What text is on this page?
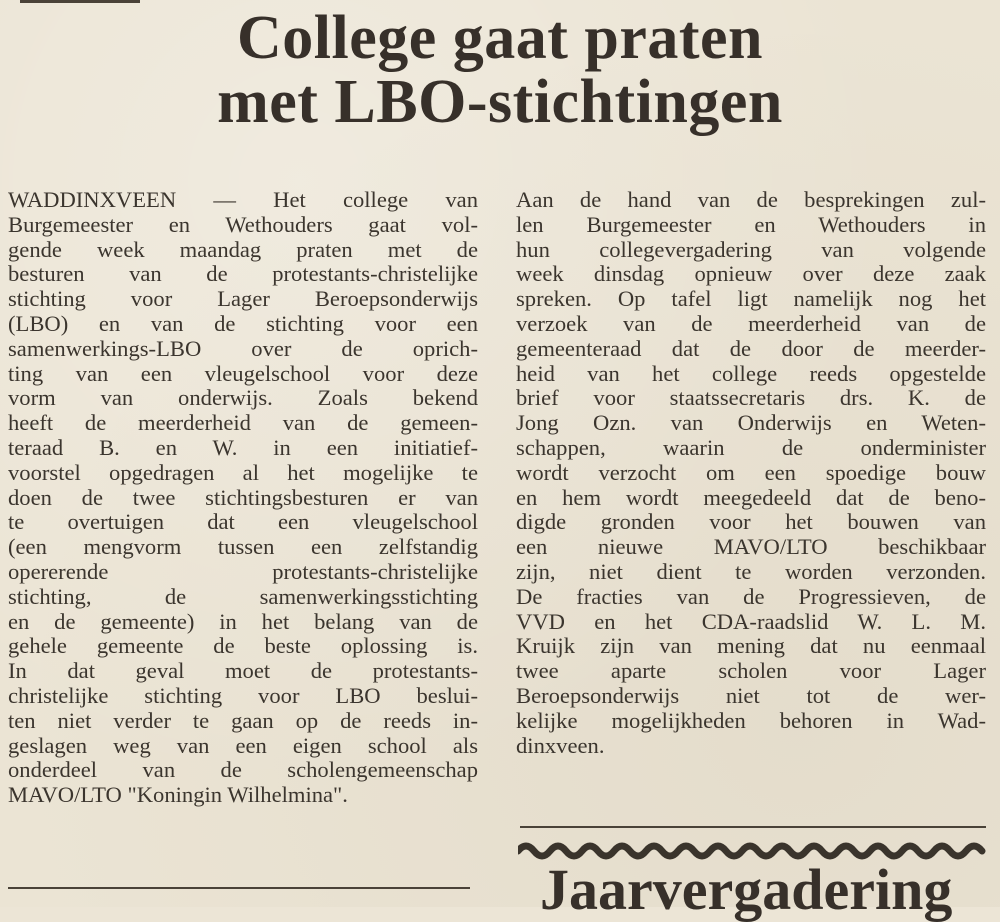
College gaat praten
met LBO-stichtingen
WADDINXVEEN — Het college van
Burgemeester en Wethouders gaat vol-
gende week maandag praten met de
besturen van de protestants-christelijke
stichting voor Lager Beroepsonderwijs
(LBO) en van de stichting voor een
samenwerkings-LBO over de oprich-
ting van een vleugelschool voor deze
vorm van onderwijs. Zoals bekend
heeft de meerderheid van de gemeen-
teraad B. en W. in een initiatief-
voorstel opgedragen al het mogelijke te
doen de twee stichtingsbesturen er van
te overtuigen dat een vleugelschool
(een mengvorm tussen een zelfstandig
opererende protestants-christelijke
stichting, de samenwerkingsstichting
en de gemeente) in het belang van de
gehele gemeente de beste oplossing is.
In dat geval moet de protestants-
christelijke stichting voor LBO beslui-
ten niet verder te gaan op de reeds in-
geslagen weg van een eigen school als
onderdeel van de scholengemeenschap
MAVO/LTO "Koningin Wilhelmina".
Aan de hand van de besprekingen zul-
len Burgemeester en Wethouders in
hun collegevergadering van volgende
week dinsdag opnieuw over deze zaak
spreken. Op tafel ligt namelijk nog het
verzoek van de meerderheid van de
gemeenteraad dat de door de meerder-
heid van het college reeds opgestelde
brief voor staatssecretaris drs. K. de
Jong Ozn. van Onderwijs en Weten-
schappen, waarin de onderminister
wordt verzocht om een spoedige bouw
en hem wordt meegedeeld dat de beno-
digde gronden voor het bouwen van
een nieuwe MAVO/LTO beschikbaar
zijn, niet dient te worden verzonden.
De fracties van de Progressieven, de
VVD en het CDA-raadslid W. L. M.
Kruijk zijn van mening dat nu eenmaal
twee aparte scholen voor Lager
Beroepsonderwijs niet tot de wer-
kelijke mogelijkheden behoren in Wad-
dinxveen.
Jaarvergadering
